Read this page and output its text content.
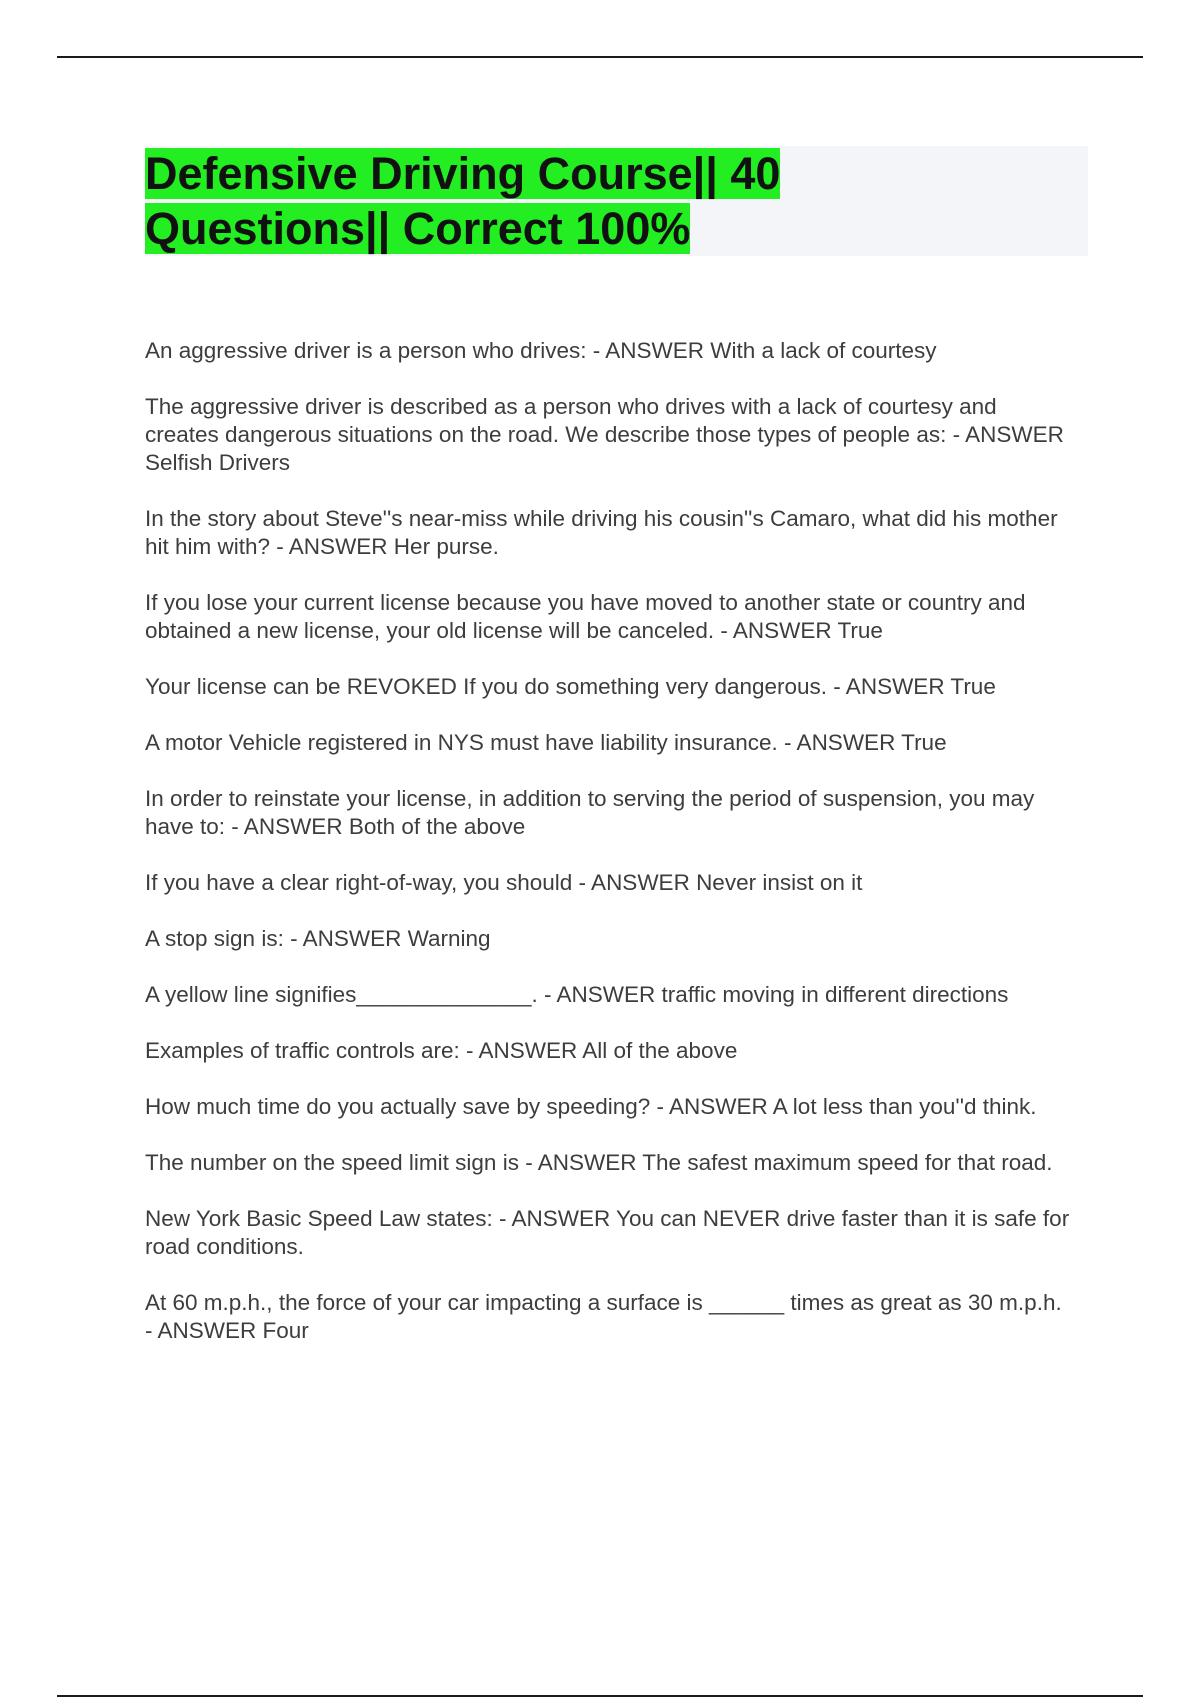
Defensive Driving Course|| 40
Questions|| Correct 100%

An aggressive driver is a person who drives: - ANSWER With a lack of courtesy

The aggressive driver is described as a person who drives with a lack of courtesy and creates dangerous situations on the road. We describe those types of people as: - ANSWER Selfish Drivers

In the story about Steve''s near-miss while driving his cousin''s Camaro, what did his mother hit him with? - ANSWER Her purse.

If you lose your current license because you have moved to another state or country and obtained a new license, your old license will be canceled. - ANSWER True

Your license can be REVOKED If you do something very dangerous. - ANSWER True

A motor Vehicle registered in NYS must have liability insurance. - ANSWER True

In order to reinstate your license, in addition to serving the period of suspension, you may have to: - ANSWER Both of the above

If you have a clear right-of-way, you should - ANSWER Never insist on it

A stop sign is: - ANSWER Warning

A yellow line signifies______________. - ANSWER traffic moving in different directions

Examples of traffic controls are: - ANSWER All of the above

How much time do you actually save by speeding? - ANSWER A lot less than you''d think.

The number on the speed limit sign is - ANSWER The safest maximum speed for that road.

New York Basic Speed Law states: - ANSWER You can NEVER drive faster than it is safe for road conditions.

At 60 m.p.h., the force of your car impacting a surface is ______ times as great as 30 m.p.h. - ANSWER Four
